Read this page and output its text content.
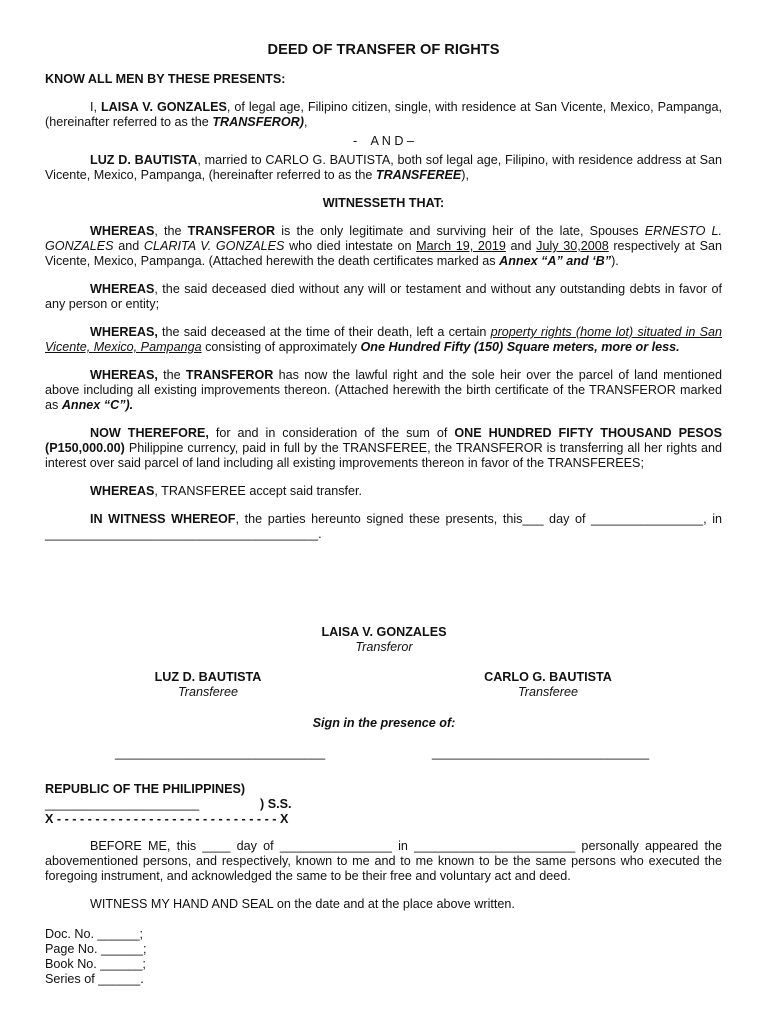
DEED OF TRANSFER OF RIGHTS

KNOW ALL MEN BY THESE PRESENTS:

I, LAISA V. GONZALES, of legal age, Filipino citizen, single, with residence at San Vicente, Mexico, Pampanga, (hereinafter referred to as the TRANSFEROR),

-    A N D –

LUZ D. BAUTISTA, married to CARLO G. BAUTISTA, both sof legal age, Filipino, with residence address at San Vicente, Mexico, Pampanga, (hereinafter referred to as the TRANSFEREE),

WITNESSETH THAT:

WHEREAS, the TRANSFEROR is the only legitimate and surviving heir of the late, Spouses ERNESTO L. GONZALES and CLARITA V. GONZALES who died intestate on March 19, 2019 and July 30,2008 respectively at San Vicente, Mexico, Pampanga. (Attached herewith the death certificates marked as Annex “A” and ‘B”).

WHEREAS, the said deceased died without any will or testament and without any outstanding debts in favor of any person or entity;

WHEREAS, the said deceased at the time of their death, left a certain property rights (home lot) situated in San Vicente, Mexico, Pampanga consisting of approximately One Hundred Fifty (150) Square meters, more or less.

WHEREAS, the TRANSFEROR has now the lawful right and the sole heir over the parcel of land mentioned above including all existing improvements thereon. (Attached herewith the birth certificate of the TRANSFEROR marked as Annex “C”).

NOW THEREFORE, for and in consideration of the sum of ONE HUNDRED FIFTY THOUSAND PESOS (P150,000.00) Philippine currency, paid in full by the TRANSFEREE, the TRANSFEROR is transferring all her rights and interest over said parcel of land including all existing improvements thereon in favor of the TRANSFEREES;

WHEREAS, TRANSFEREE accept said transfer.

IN WITNESS WHEREOF, the parties hereunto signed these presents, this___ day of ________________, in _______________________________________.

LAISA V. GONZALES
Transferor
LUZ D. BAUTISTA
Transferee
CARLO G. BAUTISTA
Transferee
Sign in the presence of:
______________________________	_______________________________
REPUBLIC OF THE PHILIPPINES)
______________________	) S.S.
X - - - - - - - - - - - - - - - - - - - - - - - - - - - - - X

BEFORE ME, this ____ day of ________________ in _______________________ personally appeared the abovementioned persons, and respectively, known to me and to me known to be the same persons who executed the foregoing instrument, and acknowledged the same to be their free and voluntary act and deed.

WITNESS MY HAND AND SEAL on the date and at the place above written.

Doc. No. ______;
Page No. ______;
Book No. ______;
Series of ______.
